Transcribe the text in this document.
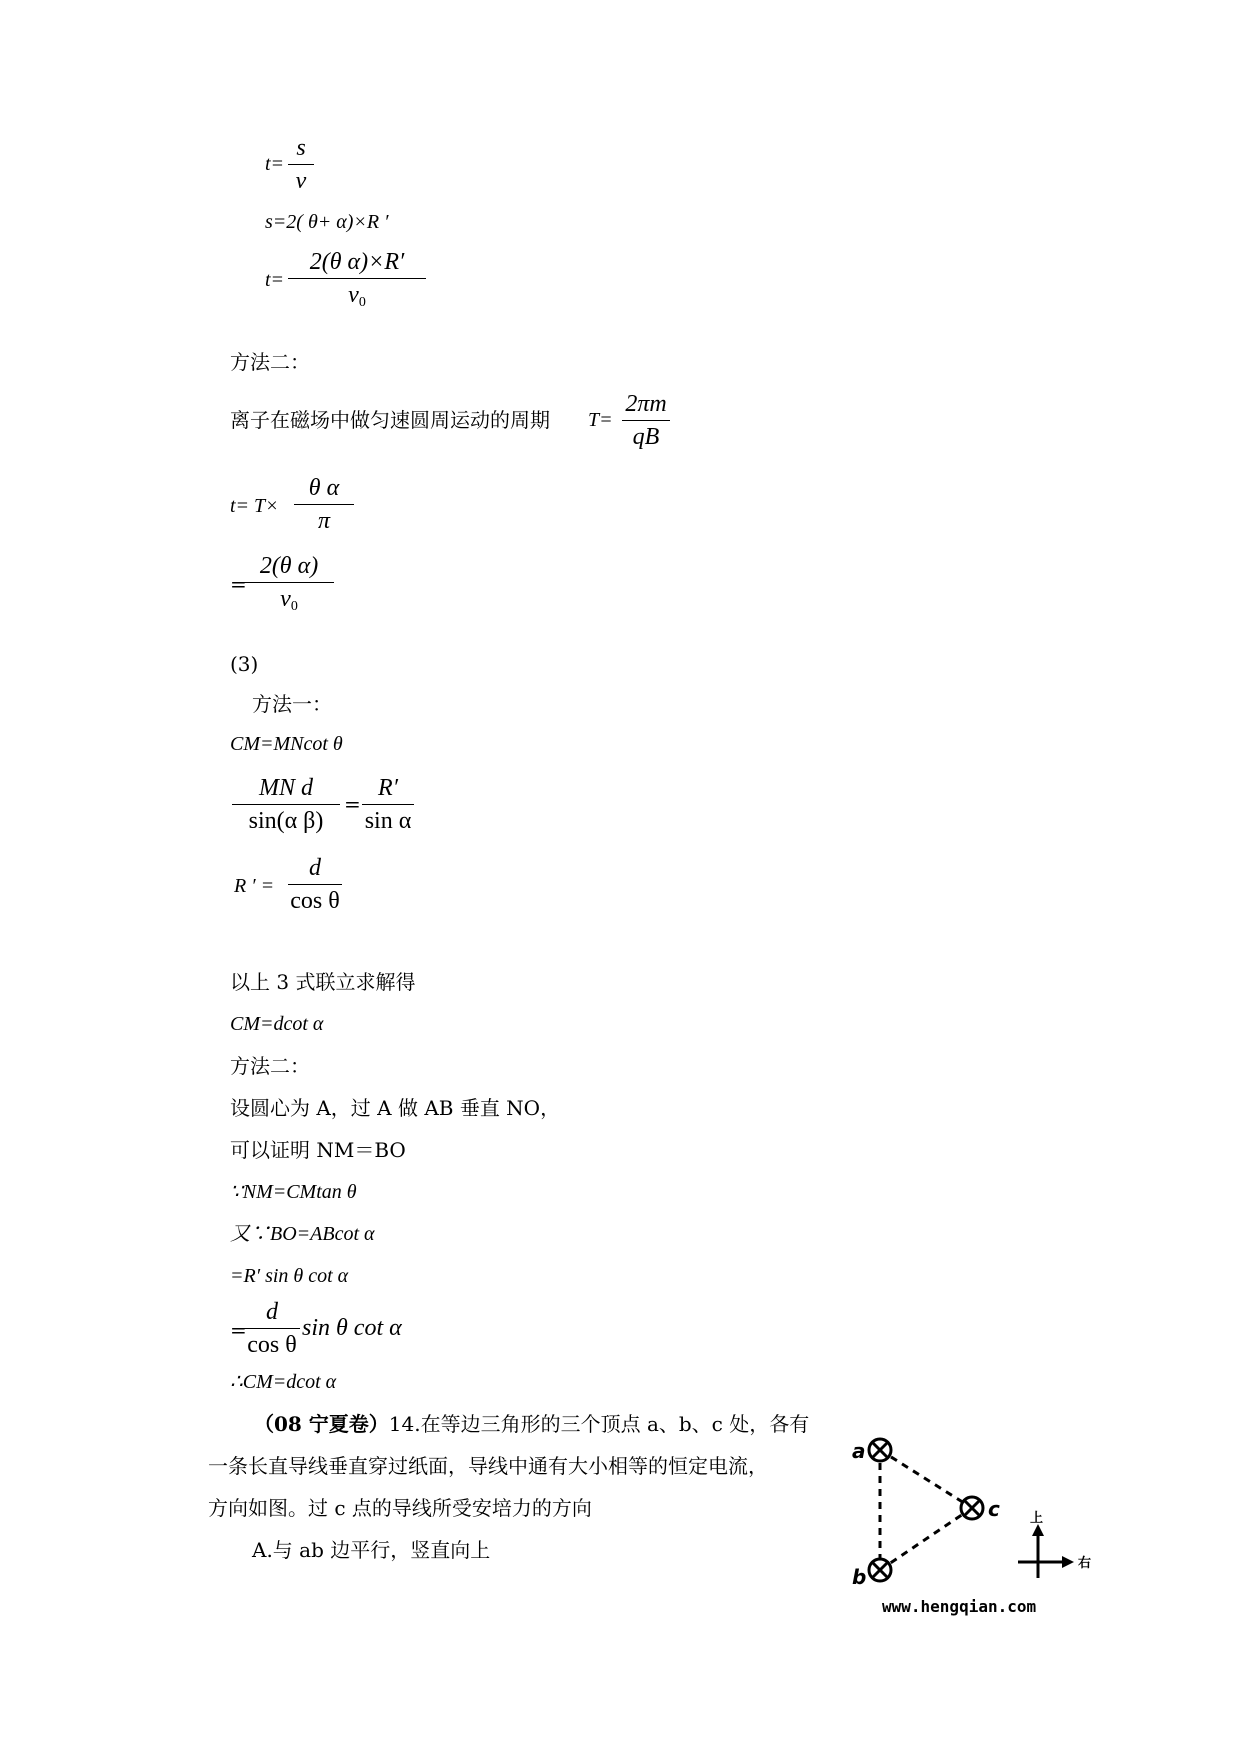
t=
s
v
s=2( θ+ α)×R ′
t=
2(θ α)×R′
v0
方法二：
离子在磁场中做匀速圆周运动的周期 T=
2πm
qB
t= T×
θ α
π
=
2(θ α)
v0
(3)
方法一：
CM=MNcot θ
MN d
sin(α β)
=
R′
sin α
R ′ =
d
cos θ
以上 3 式联立求解得
CM=dcot α
方法二：
设圆心为 A，过 A 做 AB 垂直 NO，
可以证明 NM＝BO
∵NM=CMtan θ
又∵BO=ABcot α
=R′ sin θ cot α
=
d
cos θ
sin θ cot α
∴CM=dcot α
（08 宁夏卷）14.在等边三角形的三个顶点 a、b、c 处，各有
一条长直导线垂直穿过纸面，导线中通有大小相等的恒定电流，
方向如图。过 c 点的导线所受安培力的方向
A.与 ab 边平行，竖直向上
a
b
c 上
右
www.hengqian.com
